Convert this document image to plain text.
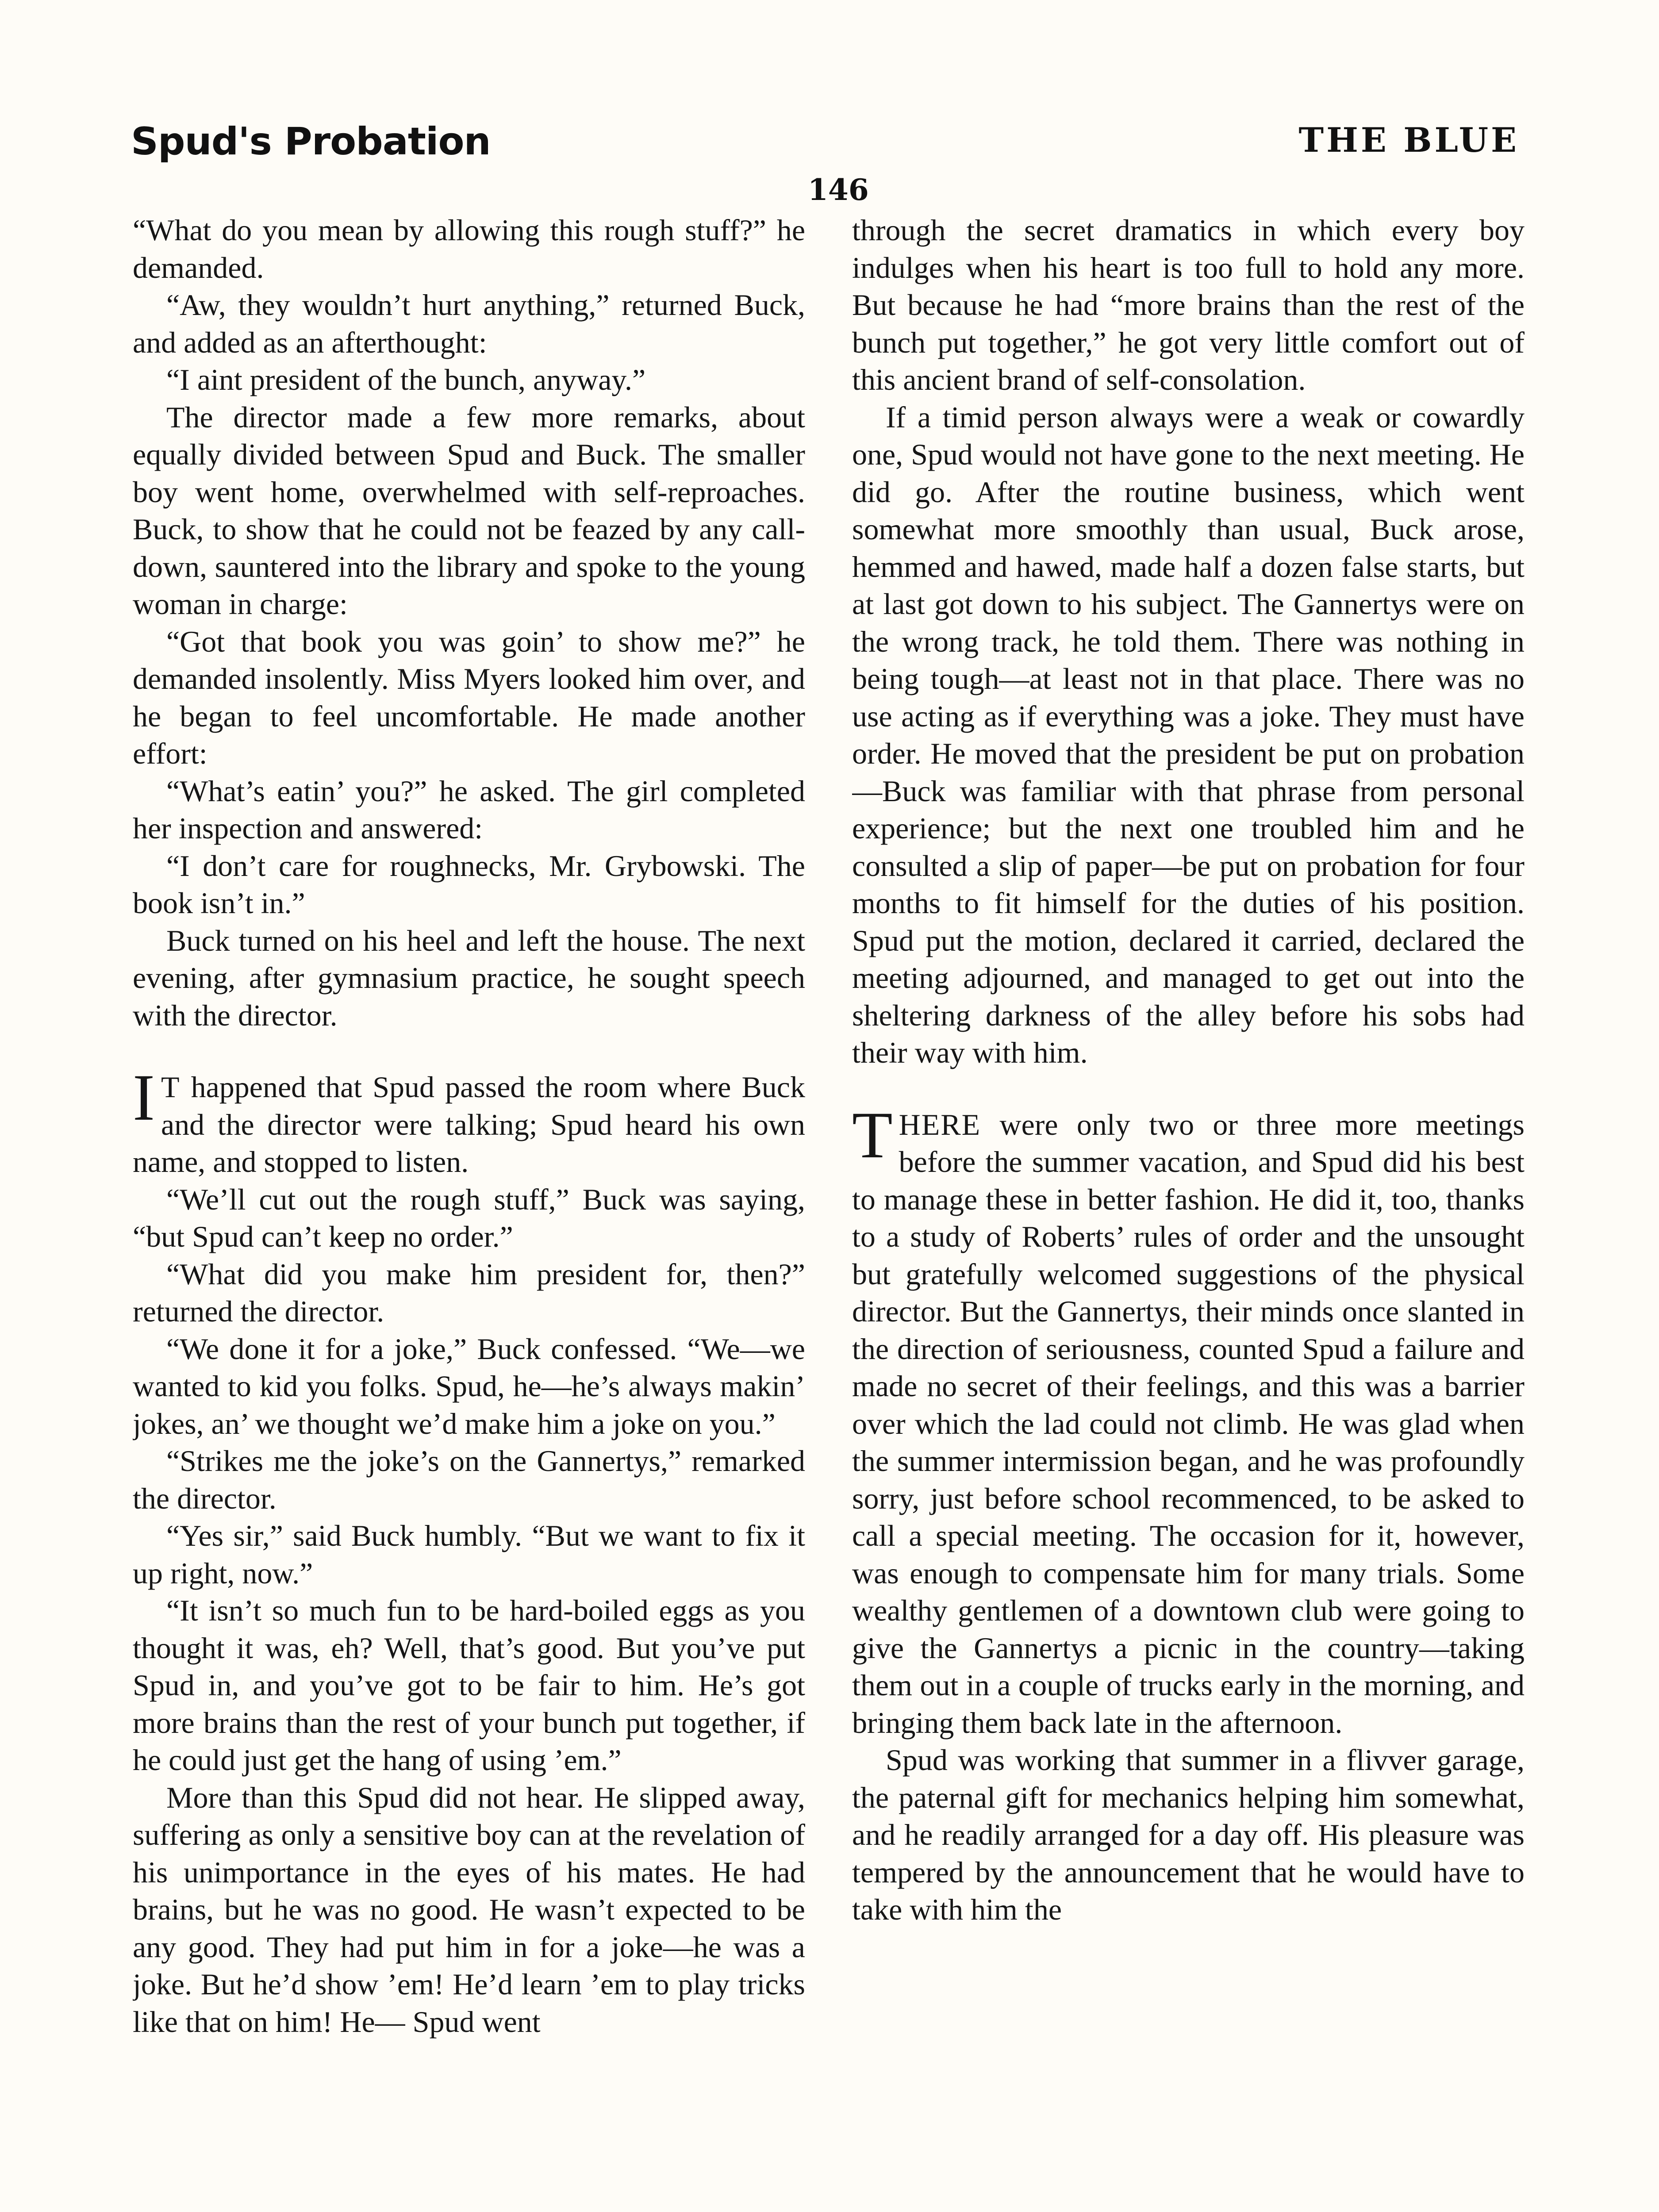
Spud's Probation	THE BLUE
146

“What do you mean by allowing this rough stuff?” he demanded.

“Aw, they wouldn’t hurt anything,” returned Buck, and added as an afterthought:

“I aint president of the bunch, anyway.”

The director made a few more remarks, about equally divided between Spud and Buck. The smaller boy went home, overwhelmed with self-reproaches. Buck, to show that he could not be feazed by any call-down, sauntered into the library and spoke to the young woman in charge:

“Got that book you was goin’ to show me?” he demanded insolently. Miss Myers looked him over, and he began to feel uncomfortable. He made another effort:

“What’s eatin’ you?” he asked. The girl completed her inspection and answered:

“I don’t care for roughnecks, Mr. Grybowski. The book isn’t in.”

Buck turned on his heel and left the house. The next evening, after gymnasium practice, he sought speech with the director.

I T happened that Spud passed the room where Buck and the director were talking; Spud heard his own name, and stopped to listen.

“We’ll cut out the rough stuff,” Buck was saying, “but Spud can’t keep no order.”

“What did you make him president for, then?” returned the director.

“We done it for a joke,” Buck confessed. “We—we wanted to kid you folks. Spud, he—he’s always makin’ jokes, an’ we thought we’d make him a joke on you.”

“Strikes me the joke’s on the Gannertys,” remarked the director.

“Yes sir,” said Buck humbly. “But we want to fix it up right, now.”

“It isn’t so much fun to be hard-boiled eggs as you thought it was, eh? Well, that’s good. But you’ve put Spud in, and you’ve got to be fair to him. He’s got more brains than the rest of your bunch put together, if he could just get the hang of using ’em.”

More than this Spud did not hear. He slipped away, suffering as only a sensitive boy can at the revelation of his unimportance in the eyes of his mates. He had brains, but he was no good. He wasn’t expected to be any good. They had put him in for a joke—he was a joke. But he’d show ’em! He’d learn ’em to play tricks like that on him! He— Spud went

through the secret dramatics in which every boy indulges when his heart is too full to hold any more. But because he had “more brains than the rest of the bunch put together,” he got very little comfort out of this ancient brand of self-consolation.

If a timid person always were a weak or cowardly one, Spud would not have gone to the next meeting. He did go. After the routine business, which went somewhat more smoothly than usual, Buck arose, hemmed and hawed, made half a dozen false starts, but at last got down to his subject. The Gannertys were on the wrong track, he told them. There was nothing in being tough—at least not in that place. There was no use acting as if everything was a joke. They must have order. He moved that the president be put on probation—Buck was familiar with that phrase from personal experience; but the next one troubled him and he consulted a slip of paper—be put on probation for four months to fit himself for the duties of his position. Spud put the motion, declared it carried, declared the meeting adjourned, and managed to get out into the sheltering darkness of the alley before his sobs had their way with him.

THERE were only two or three more meetings before the summer vacation, and Spud did his best to manage these in better fashion. He did it, too, thanks to a study of Roberts’ rules of order and the unsought but gratefully welcomed suggestions of the physical director. But the Gannertys, their minds once slanted in the direction of seriousness, counted Spud a failure and made no secret of their feelings, and this was a barrier over which the lad could not climb. He was glad when the summer intermission began, and he was profoundly sorry, just before school recommenced, to be asked to call a special meeting. The occasion for it, however, was enough to compensate him for many trials. Some wealthy gentlemen of a downtown club were going to give the Gannertys a picnic in the country—taking them out in a couple of trucks early in the morning, and bringing them back late in the afternoon.

Spud was working that summer in a flivver garage, the paternal gift for mechanics helping him somewhat, and he readily arranged for a day off. His pleasure was tempered by the announcement that he would have to take with him the
